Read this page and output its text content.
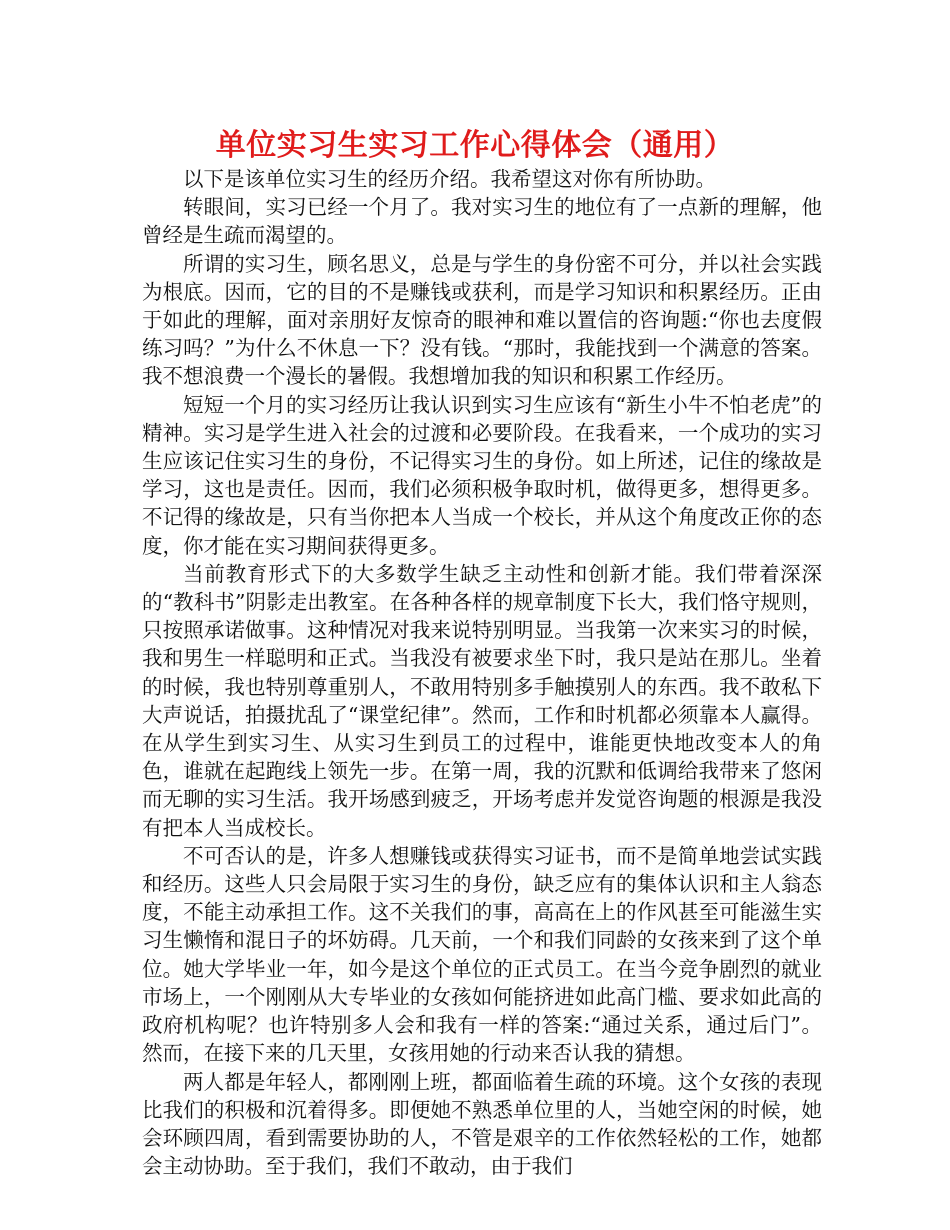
单位实习生实习工作心得体会（通用）

以下是该单位实习生的经历介绍。我希望这对你有所协助。

转眼间，实习已经一个月了。我对实习生的地位有了一点新的理解，他曾经是生疏而渴望的。

所谓的实习生，顾名思义，总是与学生的身份密不可分，并以社会实践为根底。因而，它的目的不是赚钱或获利，而是学习知识和积累经历。正由于如此的理解，面对亲朋好友惊奇的眼神和难以置信的咨询题:“你也去度假练习吗？”为什么不休息一下？没有钱。“那时，我能找到一个满意的答案。我不想浪费一个漫长的暑假。我想增加我的知识和积累工作经历。

短短一个月的实习经历让我认识到实习生应该有“新生小牛不怕老虎”的精神。实习是学生进入社会的过渡和必要阶段。在我看来，一个成功的实习生应该记住实习生的身份，不记得实习生的身份。如上所述，记住的缘故是学习，这也是责任。因而，我们必须积极争取时机，做得更多，想得更多。不记得的缘故是，只有当你把本人当成一个校长，并从这个角度改正你的态度，你才能在实习期间获得更多。

当前教育形式下的大多数学生缺乏主动性和创新才能。我们带着深深的“教科书”阴影走出教室。在各种各样的规章制度下长大，我们恪守规则，只按照承诺做事。这种情况对我来说特别明显。当我第一次来实习的时候，我和男生一样聪明和正式。当我没有被要求坐下时，我只是站在那儿。坐着的时候，我也特别尊重别人，不敢用特别多手触摸别人的东西。我不敢私下大声说话，拍摄扰乱了“课堂纪律”。然而，工作和时机都必须靠本人赢得。在从学生到实习生、从实习生到员工的过程中，谁能更快地改变本人的角色，谁就在起跑线上领先一步。在第一周，我的沉默和低调给我带来了悠闲而无聊的实习生活。我开场感到疲乏，开场考虑并发觉咨询题的根源是我没有把本人当成校长。

不可否认的是，许多人想赚钱或获得实习证书，而不是简单地尝试实践和经历。这些人只会局限于实习生的身份，缺乏应有的集体认识和主人翁态度，不能主动承担工作。这不关我们的事，高高在上的作风甚至可能滋生实习生懒惰和混日子的坏妨碍。几天前，一个和我们同龄的女孩来到了这个单位。她大学毕业一年，如今是这个单位的正式员工。在当今竞争剧烈的就业市场上，一个刚刚从大专毕业的女孩如何能挤进如此高门槛、要求如此高的政府机构呢？也许特别多人会和我有一样的答案:“通过关系，通过后门”。然而，在接下来的几天里，女孩用她的行动来否认我的猜想。

两人都是年轻人，都刚刚上班，都面临着生疏的环境。这个女孩的表现比我们的积极和沉着得多。即便她不熟悉单位里的人，当她空闲的时候，她会环顾四周，看到需要协助的人，不管是艰辛的工作依然轻松的工作，她都会主动协助。至于我们，我们不敢动，由于我们
